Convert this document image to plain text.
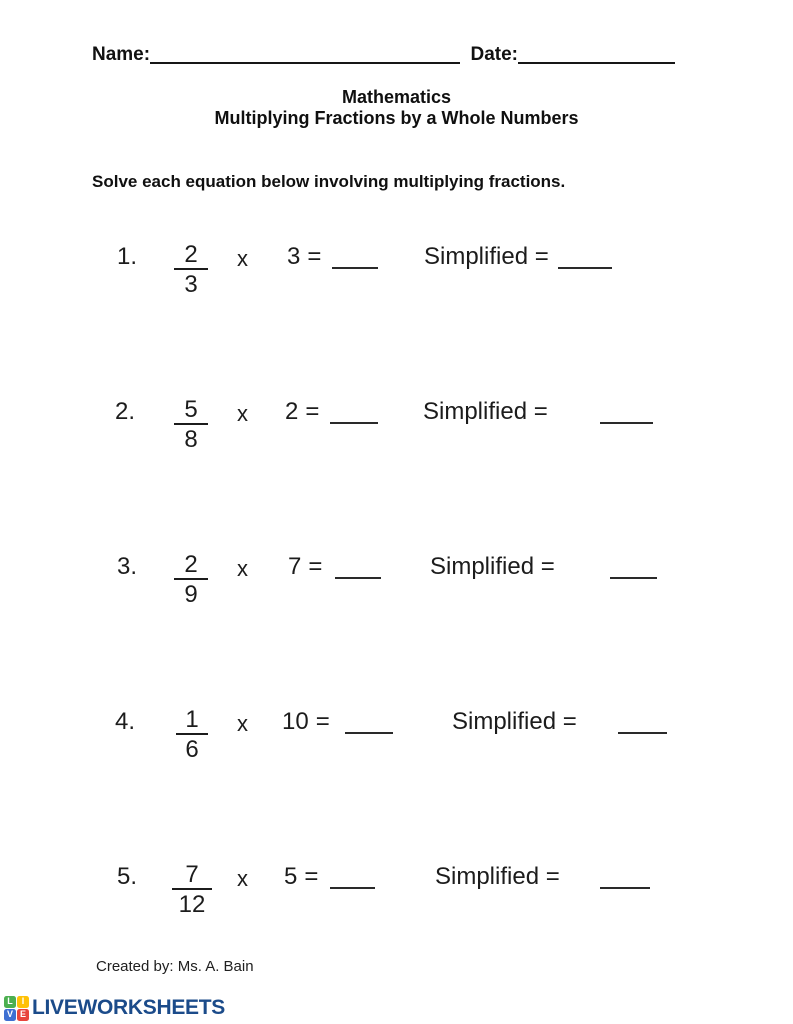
Name:	Date:
Mathematics
Multiplying Fractions by a Whole Numbers
Solve each equation below involving multiplying fractions.
1. $\frac{2}{3}$ x 3 =	Simplified =
2. $\frac{5}{8}$ x 2 =	Simplified =
3. $\frac{2}{9}$ x 7 =	Simplified =
4. $\frac{1}{6}$ x 10 =	Simplified =
5. $\frac{7}{12}$ x 5 =	Simplified =
Created by: Ms. A. Bain
L I
V E LIVEWORKSHEETS
